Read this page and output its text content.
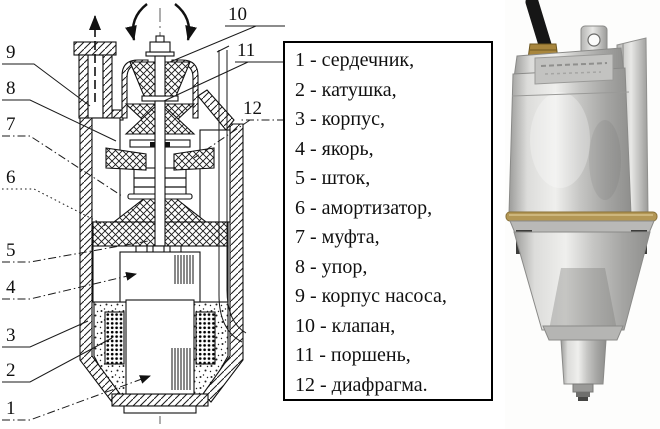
9
8
7
6
5
4
3
2
1
10
11
12
1 - сердечник,
2 - катушка,
3 - корпус,
4 - якорь,
5 - шток,
6 - амортизатор,
7 - муфта,
8 - упор,
9 - корпус насоса,
10 - клапан,
11 - поршень,
12 - диафрагма.
